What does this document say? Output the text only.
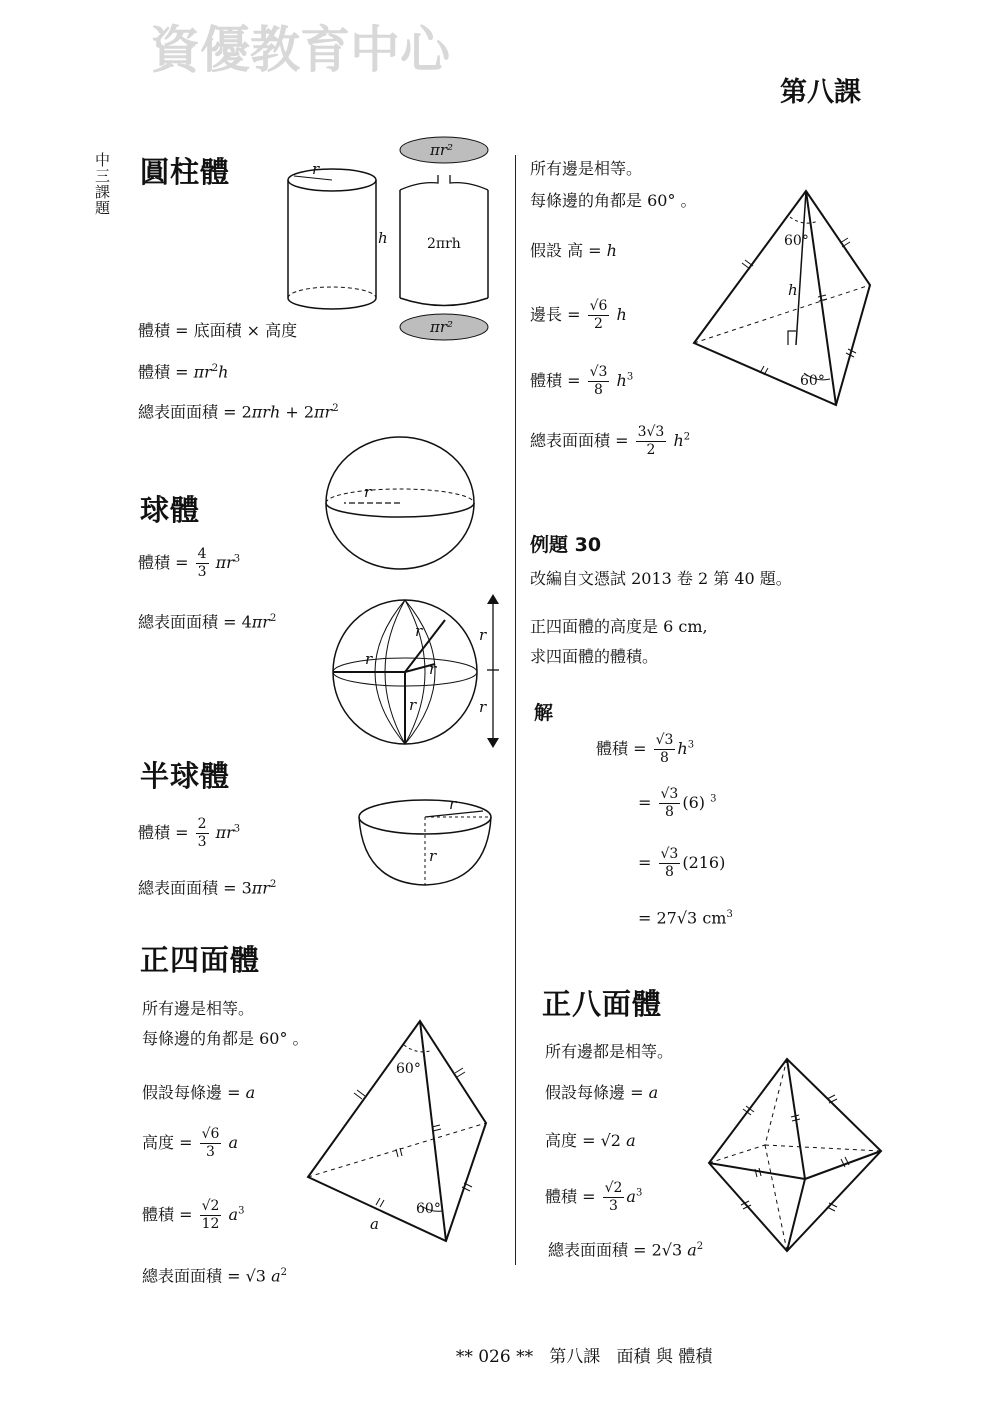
資優教育中心
第八課
中三課題 圓柱體	r
h
πr²
2πrh
πr²
體積 = 底面積 × 高度
體積 = $\pi r^2h$
總表面面積 = $2\pi rh + 2\pi r^2$
r
球體
體積 = $\frac{4}{3} \pi r^3$
總表面面積 = $4\pi r^2$
r
r
r
r
r
r
半球體
體積 = $\frac{2}{3} \pi r^3$
總表面面積 = $3\pi r^2$
r
r
正四面體
所有邊是相等。
每條邊的角都是 60° 。
假設每條邊 = a
高度 = $\frac{√6}{3}$ a
體積 = $\frac{√2}{12} a^3$
總表面面積 = √3 $a^2$
60°
60°
a
所有邊是相等。
每條邊的角都是 60° 。
假設 高 = h
邊長 = $\frac{√6}{2}$ h
體積 = $\frac{√3}{8} h^3$
總表面面積 = $\frac{3√3}{2} h^2$
60°
60°
h
例題 30
改編自文憑試 2013 卷 2 第 40 題。
正四面體的高度是 6 cm,
求四面體的體積。
解
體積 = $\frac{√3}{8} h^3$
= $\frac{√3}{8} (6)$ $^3$
= $\frac{√3}{8} (216)$
= 27√3 $cm^3$
正八面體
所有邊都是相等。
假設每條邊 = a
高度 = √2 a
體積 = $\frac{√2}{3} a^3$
總表面面積 = 2√3 $a^2$

** 026 ** 第八課 面積 與 體積
